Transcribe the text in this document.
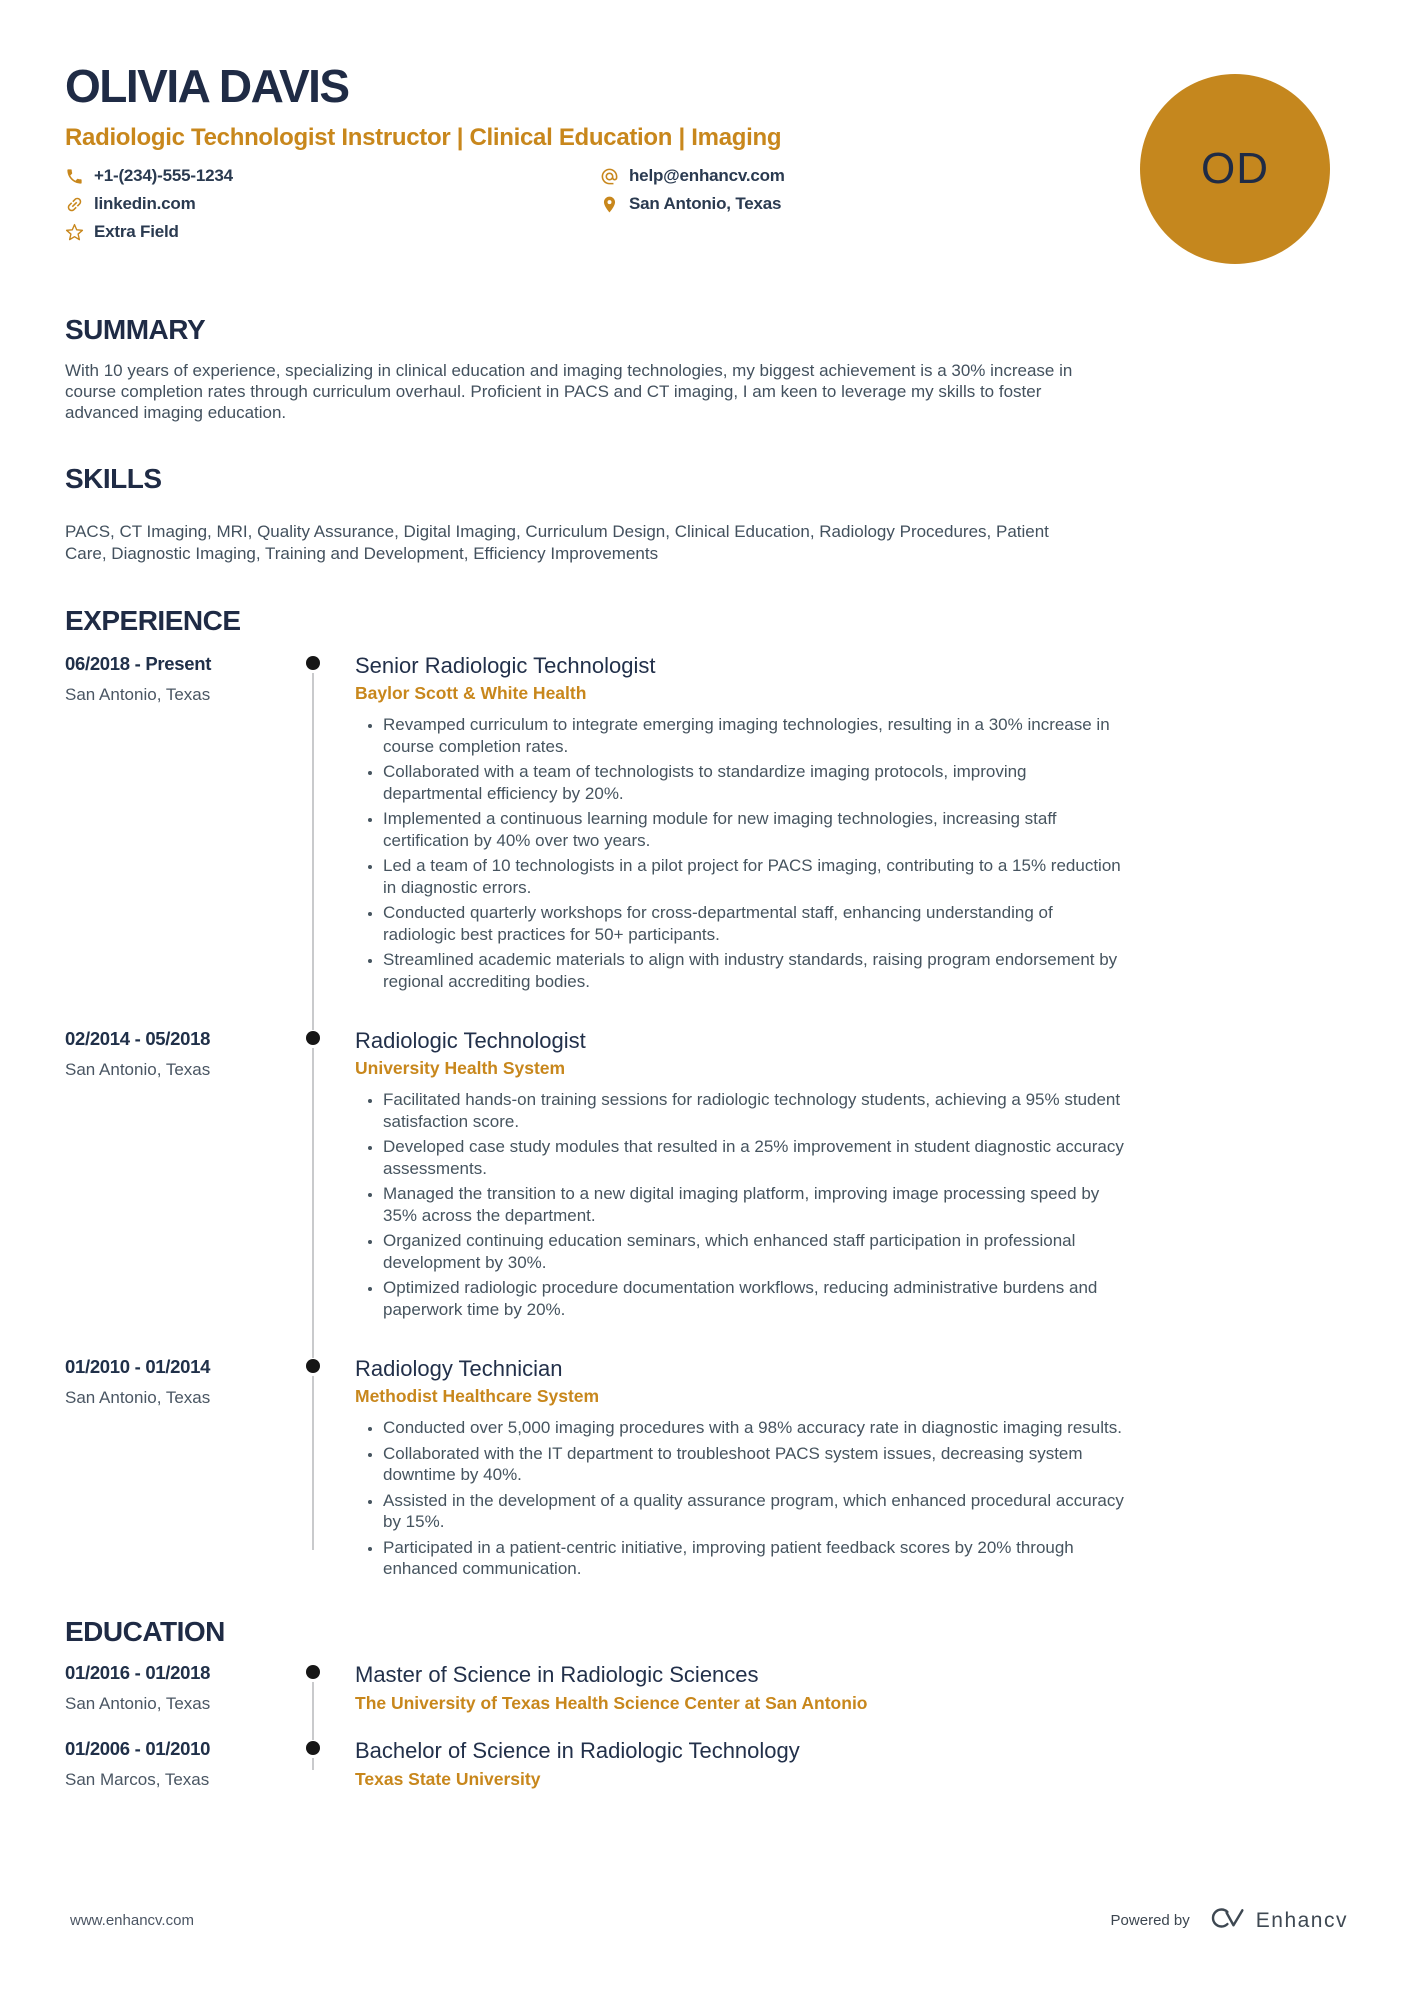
OLIVIA DAVIS
Radiologic Technologist Instructor | Clinical Education | Imaging
+1-(234)-555-1234
linkedin.com
Extra Field
help@enhancv.com
San Antonio, Texas
OD
SUMMARY

With 10 years of experience, specializing in clinical education and imaging technologies, my biggest achievement is a 30% increase in course completion rates through curriculum overhaul. Proficient in PACS and CT imaging, I am keen to leverage my skills to foster advanced imaging education.

SKILLS

PACS, CT Imaging, MRI, Quality Assurance, Digital Imaging, Curriculum Design, Clinical Education, Radiology Procedures, Patient Care, Diagnostic Imaging, Training and Development, Efficiency Improvements

EXPERIENCE
06/2018 - Present
San Antonio, Texas
Senior Radiologic Technologist
Baylor Scott & White Health
• Revamped curriculum to integrate emerging imaging technologies, resulting in a 30% increase in course completion rates.
• Collaborated with a team of technologists to standardize imaging protocols, improving departmental efficiency by 20%.
• Implemented a continuous learning module for new imaging technologies, increasing staff certification by 40% over two years.
• Led a team of 10 technologists in a pilot project for PACS imaging, contributing to a 15% reduction in diagnostic errors.
• Conducted quarterly workshops for cross-departmental staff, enhancing understanding of radiologic best practices for 50+ participants.
• Streamlined academic materials to align with industry standards, raising program endorsement by regional accrediting bodies.
02/2014 - 05/2018
San Antonio, Texas
Radiologic Technologist
University Health System
• Facilitated hands-on training sessions for radiologic technology students, achieving a 95% student satisfaction score.
• Developed case study modules that resulted in a 25% improvement in student diagnostic accuracy assessments.
• Managed the transition to a new digital imaging platform, improving image processing speed by 35% across the department.
• Organized continuing education seminars, which enhanced staff participation in professional development by 30%.
• Optimized radiologic procedure documentation workflows, reducing administrative burdens and paperwork time by 20%.
01/2010 - 01/2014
San Antonio, Texas
Radiology Technician
Methodist Healthcare System
• Conducted over 5,000 imaging procedures with a 98% accuracy rate in diagnostic imaging results.
• Collaborated with the IT department to troubleshoot PACS system issues, decreasing system downtime by 40%.
• Assisted in the development of a quality assurance program, which enhanced procedural accuracy by 15%.
• Participated in a patient-centric initiative, improving patient feedback scores by 20% through enhanced communication.
EDUCATION
01/2016 - 01/2018
San Antonio, Texas
Master of Science in Radiologic Sciences
The University of Texas Health Science Center at San Antonio
01/2006 - 01/2010
San Marcos, Texas
Bachelor of Science in Radiologic Technology
Texas State University
www.enhancv.com	Powered by	Enhancv
